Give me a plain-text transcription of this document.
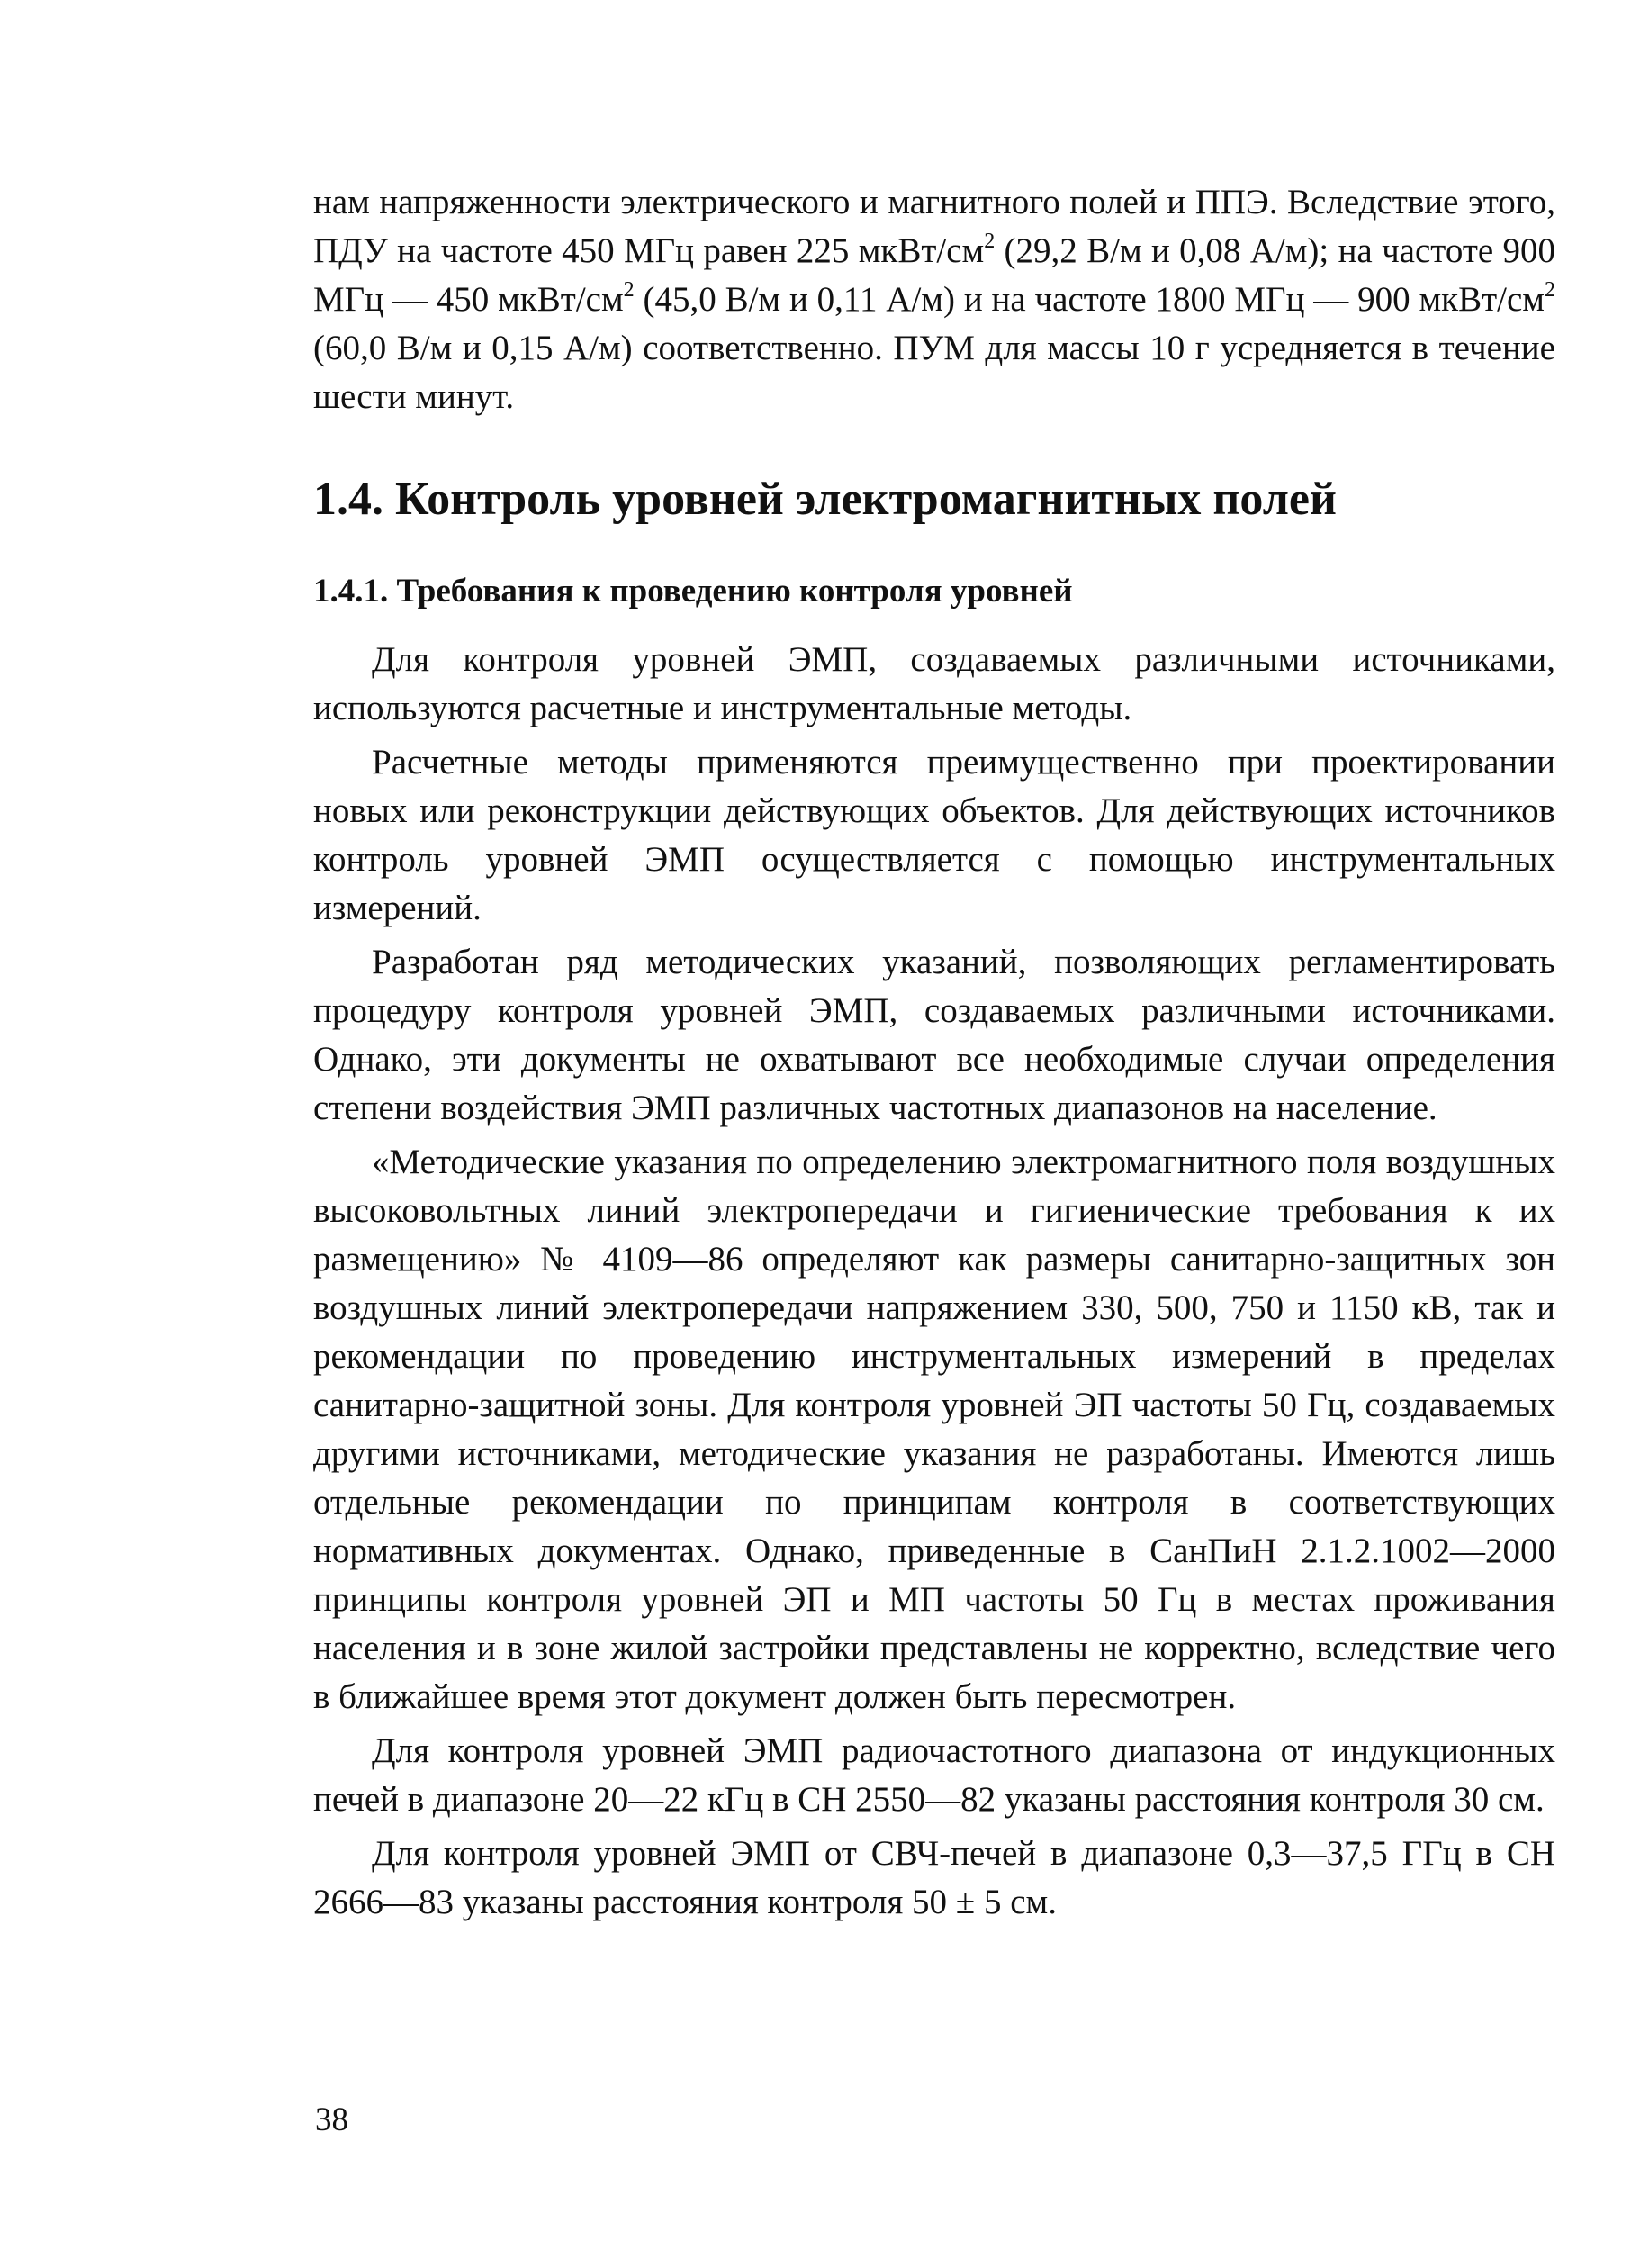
нам напряженности электрического и магнитного полей и ППЭ. Вследствие этого, ПДУ на частоте 450 МГц равен 225 мкВт/$см^2$ (29,2 В/м и 0,08 А/м); на частоте 900 МГц — 450 мкВт/$см^2$ (45,0 В/м и 0,11 А/м) и на частоте 1800 МГц — 900 мкВт/$см^2$ (60,0 В/м и 0,15 А/м) соответственно. ПУМ для массы 10 г усредняется в течение шести минут.

1.4. Контроль уровней электромагнитных полей
1.4.1. Требования к проведению контроля уровней

Для контроля уровней ЭМП, создаваемых различными источниками, используются расчетные и инструментальные методы.

Расчетные методы применяются преимущественно при проектировании новых или реконструкции действующих объектов. Для действующих источников контроль уровней ЭМП осуществляется с помощью инструментальных измерений.

Разработан ряд методических указаний, позволяющих регламентировать процедуру контроля уровней ЭМП, создаваемых различными источниками. Однако, эти документы не охватывают все необходимые случаи определения степени воздействия ЭМП различных частотных диапазонов на население.

«Методические указания по определению электромагнитного поля воздушных высоковольтных линий электропередачи и гигиенические требования к их размещению» № 4109—86 определяют как размеры санитарно-защитных зон воздушных линий электропередачи напряжением 330, 500, 750 и 1150 кВ, так и рекомендации по проведению инструментальных измерений в пределах санитарно-защитной зоны. Для контроля уровней ЭП частоты 50 Гц, создаваемых другими источниками, методические указания не разработаны. Имеются лишь отдельные рекомендации по принципам контроля в соответствующих нормативных документах. Однако, приведенные в СанПиН 2.1.2.1002—2000 принципы контроля уровней ЭП и МП частоты 50 Гц в местах проживания населения и в зоне жилой застройки представлены не корректно, вследствие чего в ближайшее время этот документ должен быть пересмотрен.

Для контроля уровней ЭМП радиочастотного диапазона от индукционных печей в диапазоне 20—22 кГц в СН 2550—82 указаны расстояния контроля 30 см.

Для контроля уровней ЭМП от СВЧ-печей в диапазоне 0,3—37,5 ГГц в СН 2666—83 указаны расстояния контроля 50 ± 5 см.

38
